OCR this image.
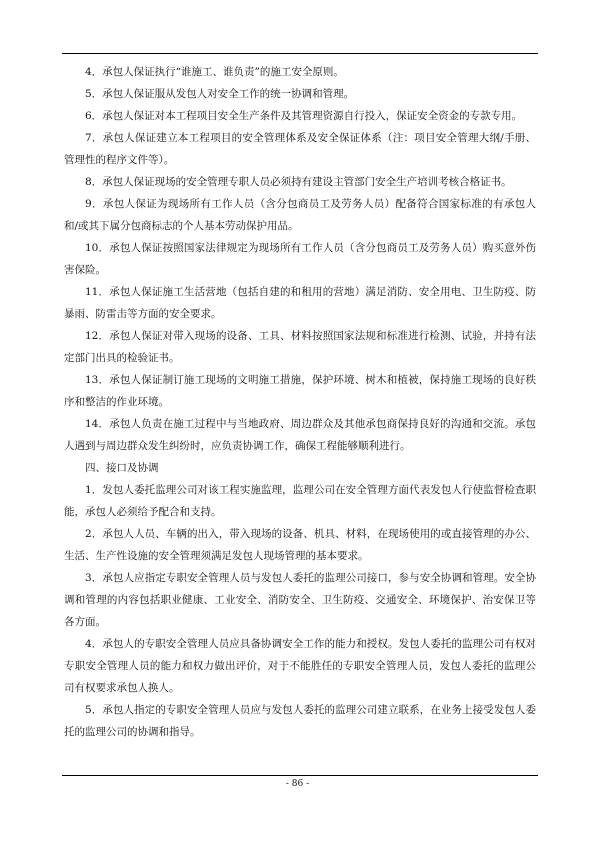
4．承包人保证执行“谁施工、谁负责”的施工安全原则。

5．承包人保证服从发包人对安全工作的统一协调和管理。

6．承包人保证对本工程项目安全生产条件及其管理资源自行投入，保证安全资金的专款专用。

7．承包人保证建立本工程项目的安全管理体系及安全保证体系（注：项目安全管理大纲/手册、管理性的程序文件等）。

8．承包人保证现场的安全管理专职人员必须持有建设主管部门安全生产培训考核合格证书。

9．承包人保证为现场所有工作人员（含分包商员工及劳务人员）配备符合国家标准的有承包人和/或其下属分包商标志的个人基本劳动保护用品。

10．承包人保证按照国家法律规定为现场所有工作人员（含分包商员工及劳务人员）购买意外伤害保险。

11．承包人保证施工生活营地（包括自建的和租用的营地）满足消防、安全用电、卫生防疫、防暴雨、防雷击等方面的安全要求。

12．承包人保证对带入现场的设备、工具、材料按照国家法规和标准进行检测、试验，并持有法定部门出具的检验证书。

13．承包人保证制订施工现场的文明施工措施，保护环境、树木和植被，保持施工现场的良好秩序和整洁的作业环境。

14．承包人负责在施工过程中与当地政府、周边群众及其他承包商保持良好的沟通和交流。承包人遇到与周边群众发生纠纷时，应负责协调工作，确保工程能够顺利进行。

四、接口及协调

1．发包人委托监理公司对该工程实施监理，监理公司在安全管理方面代表发包人行使监督检查职能，承包人必须给予配合和支持。

2．承包人人员、车辆的出入，带入现场的设备、机具、材料，在现场使用的或直接管理的办公、生活、生产性设施的安全管理须满足发包人现场管理的基本要求。

3．承包人应指定专职安全管理人员与发包人委托的监理公司接口，参与安全协调和管理。安全协调和管理的内容包括职业健康、工业安全、消防安全、卫生防疫、交通安全、环境保护、治安保卫等各方面。

4．承包人的专职安全管理人员应具备协调安全工作的能力和授权。发包人委托的监理公司有权对专职安全管理人员的能力和权力做出评价，对于不能胜任的专职安全管理人员，发包人委托的监理公司有权要求承包人换人。

5．承包人指定的专职安全管理人员应与发包人委托的监理公司建立联系，在业务上接受发包人委托的监理公司的协调和指导。

- 86 -
